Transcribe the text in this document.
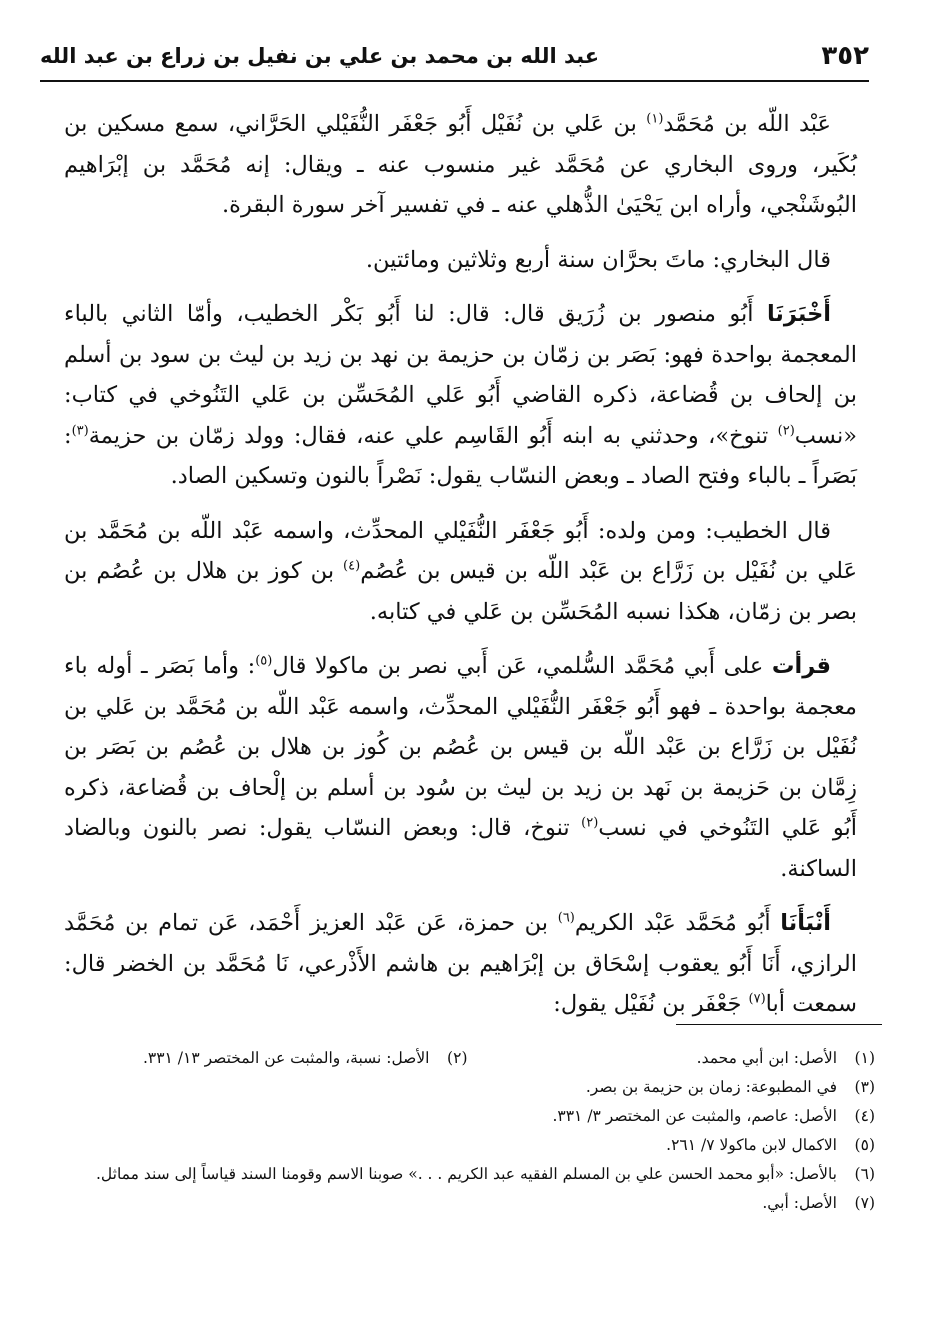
٣٥٢
عبد الله بن محمد بن علي بن نفيل بن زراع بن عبد الله

عَبْد اللّه بن مُحَمَّد$^{(١)}$ بن عَلي بن نُفَيْل أَبُو جَعْفَر النُّفَيْلي الحَرَّاني، سمع مسكين بن بُكَير، وروى البخاري عن مُحَمَّد غير منسوب عنه ـ ويقال: إنه مُحَمَّد بن إبْرَاهيم البُوشَنْجي، وأراه ابن يَحْيَىٰ الذُّهلي عنه ـ في تفسير آخر سورة البقرة.

قال البخاري: ماتَ بحرَّان سنة أربع وثلاثين ومائتين.

أَخْبَرَنَا أَبُو منصور بن زُرَيق قال: قال: لنا أَبُو بَكْر الخطيب، وأمّا الثاني بالباء المعجمة بواحدة فهو: بَصَر بن زمّان بن حزيمة بن نهد بن زيد بن ليث بن سود بن أسلم بن إلحاف بن قُضاعة، ذكره القاضي أَبُو عَلي المُحَسِّن بن عَلي التَنُوخي في كتاب: «نسب$^{(٢)}$ تنوخ»، وحدثني به ابنه أَبُو القَاسِم علي عنه، فقال: وولد زمّان بن حزيمة$^{(٣)}$: بَصَراً ـ بالباء وفتح الصاد ـ وبعض النسّاب يقول: نَصْراً بالنون وتسكين الصاد.

قال الخطيب: ومن ولده: أَبُو جَعْفَر النُّفَيْلي المحدِّث، واسمه عَبْد اللّه بن مُحَمَّد بن عَلي بن نُفَيْل بن زَرَّاع بن عَبْد اللّه بن قيس بن عُصُم$^{(٤)}$ بن كوز بن هلال بن عُصُم بن بصر بن زمّان، هكذا نسبه المُحَسِّن بن عَلي في كتابه.

قرأت على أَبي مُحَمَّد السُّلمي، عَن أَبي نصر بن ماكولا قال$^{(٥)}$: وأما بَصَر ـ أوله باء معجمة بواحدة ـ فهو أَبُو جَعْفَر النُّفَيْلي المحدِّث، واسمه عَبْد اللّه بن مُحَمَّد بن عَلي بن نُفَيْل بن زَرَّاع بن عَبْد اللّه بن قيس بن عُصُم بن كُوز بن هلال بن عُصُم بن بَصَر بن زِمَّان بن حَزيمة بن نَهد بن زيد بن ليث بن سُود بن أسلم بن إلْحاف بن قُضاعة، ذكره أَبُو عَلي التَنُوخي في نسب$^{(٢)}$ تنوخ، قال: وبعض النسّاب يقول: نصر بالنون وبالضاد الساكنة.

أَنْبَأَنَا أَبُو مُحَمَّد عَبْد الكريم$^{(٦)}$ بن حمزة، عَن عَبْد العزيز أَحْمَد، عَن تمام بن مُحَمَّد الرازي، أَنَا أَبُو يعقوب إسْحَاق بن إبْرَاهيم بن هاشم الأَذْرعي، نَا مُحَمَّد بن الخضر قال: سمعت أبا$^{(٧)}$ جَعْفَر بن نُفَيْل يقول:

(١)
الأصل: ابن أبي محمد.
(٢)
الأصل: نسبة، والمثبت عن المختصر ١٣/ ٣٣١.
(٣)
في المطبوعة: زمان بن حزيمة بن بصر.
(٤)
الأصل: عاصم، والمثبت عن المختصر ٣/ ٣٣١.
(٥)
الاكمال لابن ماكولا ٧/ ٢٦١.
(٦)
بالأصل: «أبو محمد الحسن علي بن المسلم الفقيه عبد الكريم . . .» صوبنا الاسم وقومنا السند قياساً إلى سند مماثل.
(٧)
الأصل: أبي.
